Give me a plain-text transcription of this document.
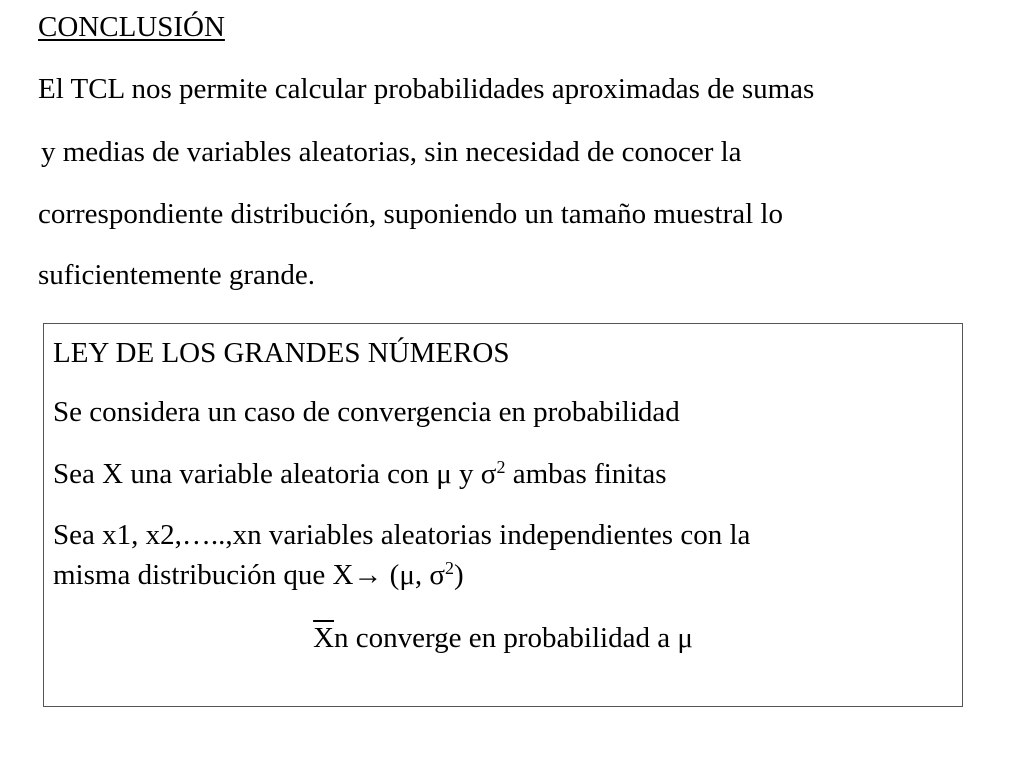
CONCLUSIÓN
El TCL nos permite calcular probabilidades aproximadas de sumas
y medias de variables aleatorias, sin necesidad de conocer la
correspondiente distribución, suponiendo un tamaño muestral lo
suficientemente grande.
LEY DE LOS GRANDES NÚMEROS
Se considera un caso de convergencia en probabilidad
Sea X una variable aleatoria con μ y $\sigma^2$ ambas finitas
Sea x1, x2,…..,xn variables aleatorias independientes con la
misma distribución que X→ (μ, $\sigma^2$)
$\overline{X}n$ converge en probabilidad a μ
